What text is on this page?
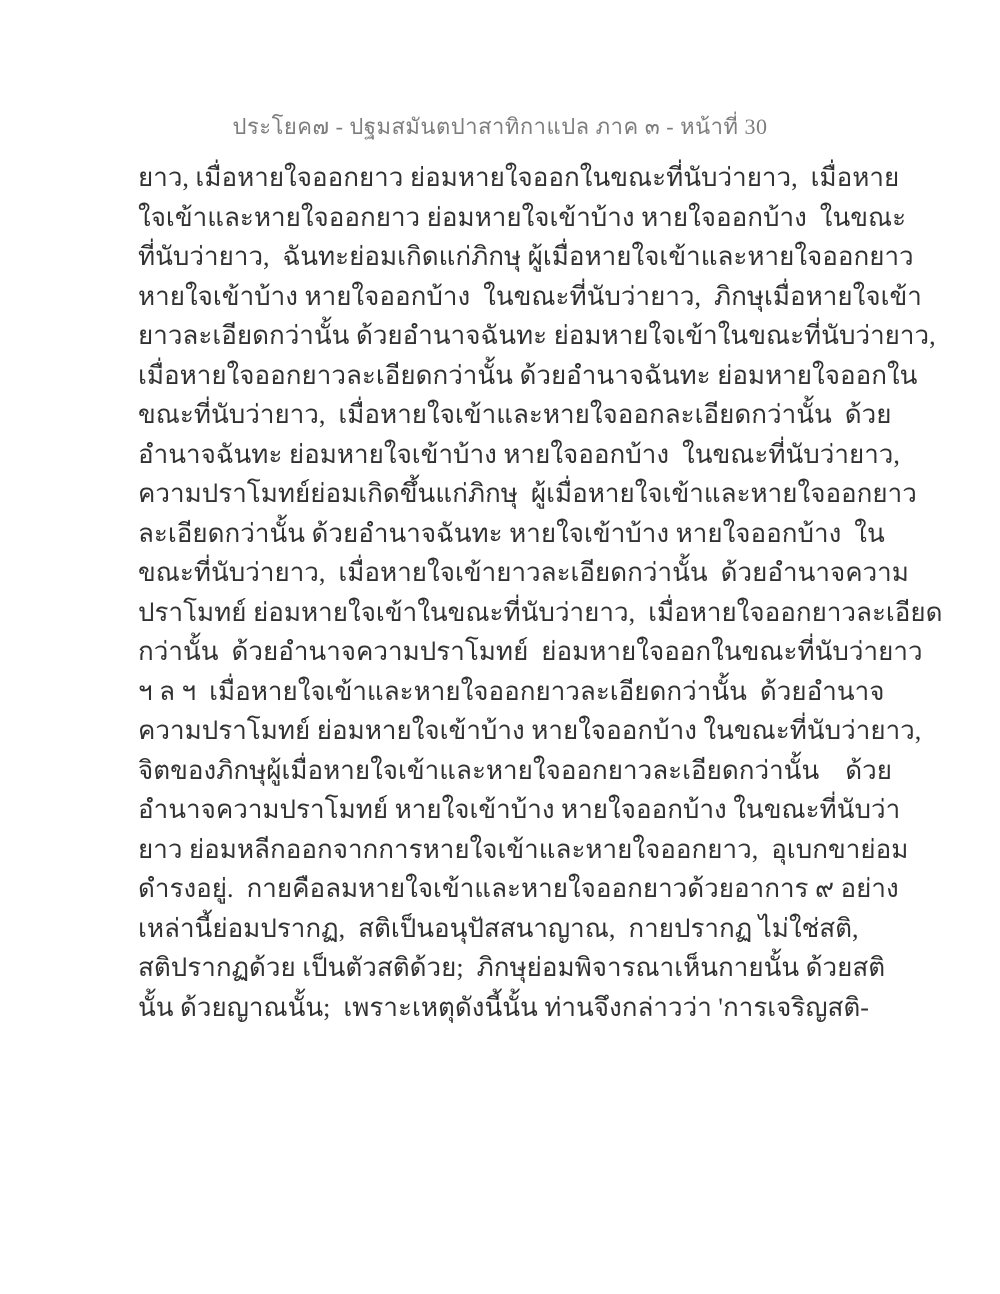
ประโยค๗ - ปฐมสมันตปาสาทิกาแปล ภาค ๓ - หน้าที่ 30
ยาว, เมื่อหายใจออกยาว ย่อมหายใจออกในขณะที่นับว่ายาว,  เมื่อหาย
ใจเข้าและหายใจออกยาว ย่อมหายใจเข้าบ้าง หายใจออกบ้าง  ในขณะ
ที่นับว่ายาว,  ฉันทะย่อมเกิดแก่ภิกษุ ผู้เมื่อหายใจเข้าและหายใจออกยาว
หายใจเข้าบ้าง หายใจออกบ้าง  ในขณะที่นับว่ายาว,  ภิกษุเมื่อหายใจเข้า
ยาวละเอียดกว่านั้น ด้วยอำนาจฉันทะ ย่อมหายใจเข้าในขณะที่นับว่ายาว,
เมื่อหายใจออกยาวละเอียดกว่านั้น ด้วยอำนาจฉันทะ ย่อมหายใจออกใน
ขณะที่นับว่ายาว,  เมื่อหายใจเข้าและหายใจออกละเอียดกว่านั้น  ด้วย
อำนาจฉันทะ ย่อมหายใจเข้าบ้าง หายใจออกบ้าง  ในขณะที่นับว่ายาว,
ความปราโมทย์ย่อมเกิดขึ้นแก่ภิกษุ  ผู้เมื่อหายใจเข้าและหายใจออกยาว
ละเอียดกว่านั้น ด้วยอำนาจฉันทะ หายใจเข้าบ้าง หายใจออกบ้าง  ใน
ขณะที่นับว่ายาว,  เมื่อหายใจเข้ายาวละเอียดกว่านั้น  ด้วยอำนาจความ
ปราโมทย์ ย่อมหายใจเข้าในขณะที่นับว่ายาว,  เมื่อหายใจออกยาวละเอียด
กว่านั้น  ด้วยอำนาจความปราโมทย์  ย่อมหายใจออกในขณะที่นับว่ายาว
ฯ ล ฯ  เมื่อหายใจเข้าและหายใจออกยาวละเอียดกว่านั้น  ด้วยอำนาจ
ความปราโมทย์ ย่อมหายใจเข้าบ้าง หายใจออกบ้าง ในขณะที่นับว่ายาว,
จิตของภิกษุผู้เมื่อหายใจเข้าและหายใจออกยาวละเอียดกว่านั้น    ด้วย
อำนาจความปราโมทย์ หายใจเข้าบ้าง หายใจออกบ้าง ในขณะที่นับว่า
ยาว ย่อมหลีกออกจากการหายใจเข้าและหายใจออกยาว,  อุเบกขาย่อม
ดำรงอยู่.  กายคือลมหายใจเข้าและหายใจออกยาวด้วยอาการ ๙ อย่าง
เหล่านี้ย่อมปรากฏ,  สติเป็นอนุปัสสนาญาณ,  กายปรากฏ ไม่ใช่สติ,
สติปรากฏด้วย เป็นตัวสติด้วย;  ภิกษุย่อมพิจารณาเห็นกายนั้น ด้วยสติ
นั้น ด้วยญาณนั้น;  เพราะเหตุดังนี้นั้น ท่านจึงกล่าวว่า 'การเจริญสติ-
